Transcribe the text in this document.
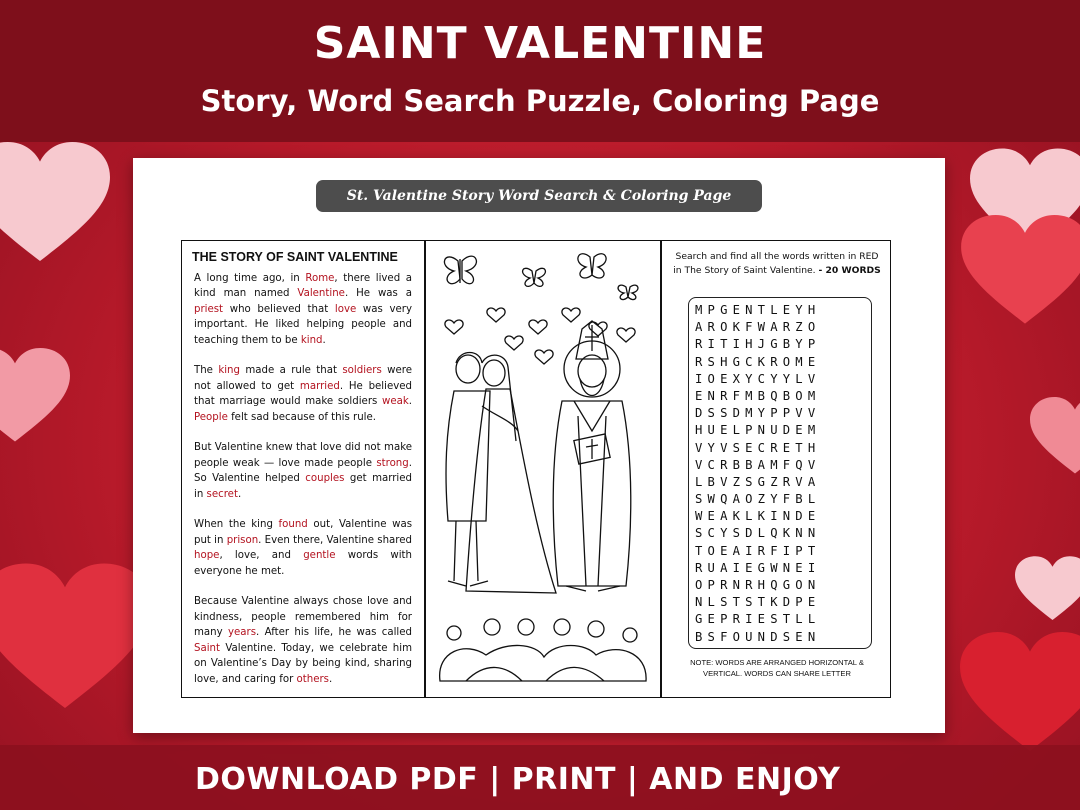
SAINT VALENTINE
Story, Word Search Puzzle, Coloring Page
St. Valentine Story Word Search & Coloring Page
THE STORY OF SAINT VALENTINE

A long time ago, in Rome, there lived a kind man named Valentine. He was a priest who believed that love was very important. He liked helping people and teaching them to be kind.

The king made a rule that soldiers were not allowed to get married. He believed that marriage would make soldiers weak. People felt sad because of this rule.

But Valentine knew that love did not make people weak — love made people strong. So Valentine helped couples get married in secret.

When the king found out, Valentine was put in prison. Even there, Valentine shared hope, love, and gentle words with everyone he met.

Because Valentine always chose love and kindness, people remembered him for many years. After his life, he was called Saint Valentine. Today, we celebrate him on Valentine’s Day by being kind, sharing love, and caring for others.

Search and find all the words written in RED in The Story of Saint Valentine. - 20 WORDS
MPGENTLEYH
AROKFWARZO
RITIHJGBYP
RSHGCKROME
IOEXYCYYLV
ENRFMBQBOM
DSSDMYPPVV
HUELPNUDEM
VYVSECRETH
VCRBBAMFQV
LBVZSGZRVA
SWQAOZYFBL
WEAKLKINDE
SCYSDLQKNN
TOEAIRFIPT
RUAIEGWNEI
OPRNRHQGON
NLSTSTKDPE
GEPRIESTLL
BSFOUNDSEN
NOTE: WORDS ARE ARRANGED HORIZONTAL & VERTICAL. WORDS CAN SHARE LETTER
DOWNLOAD PDF | PRINT | AND ENJOY
